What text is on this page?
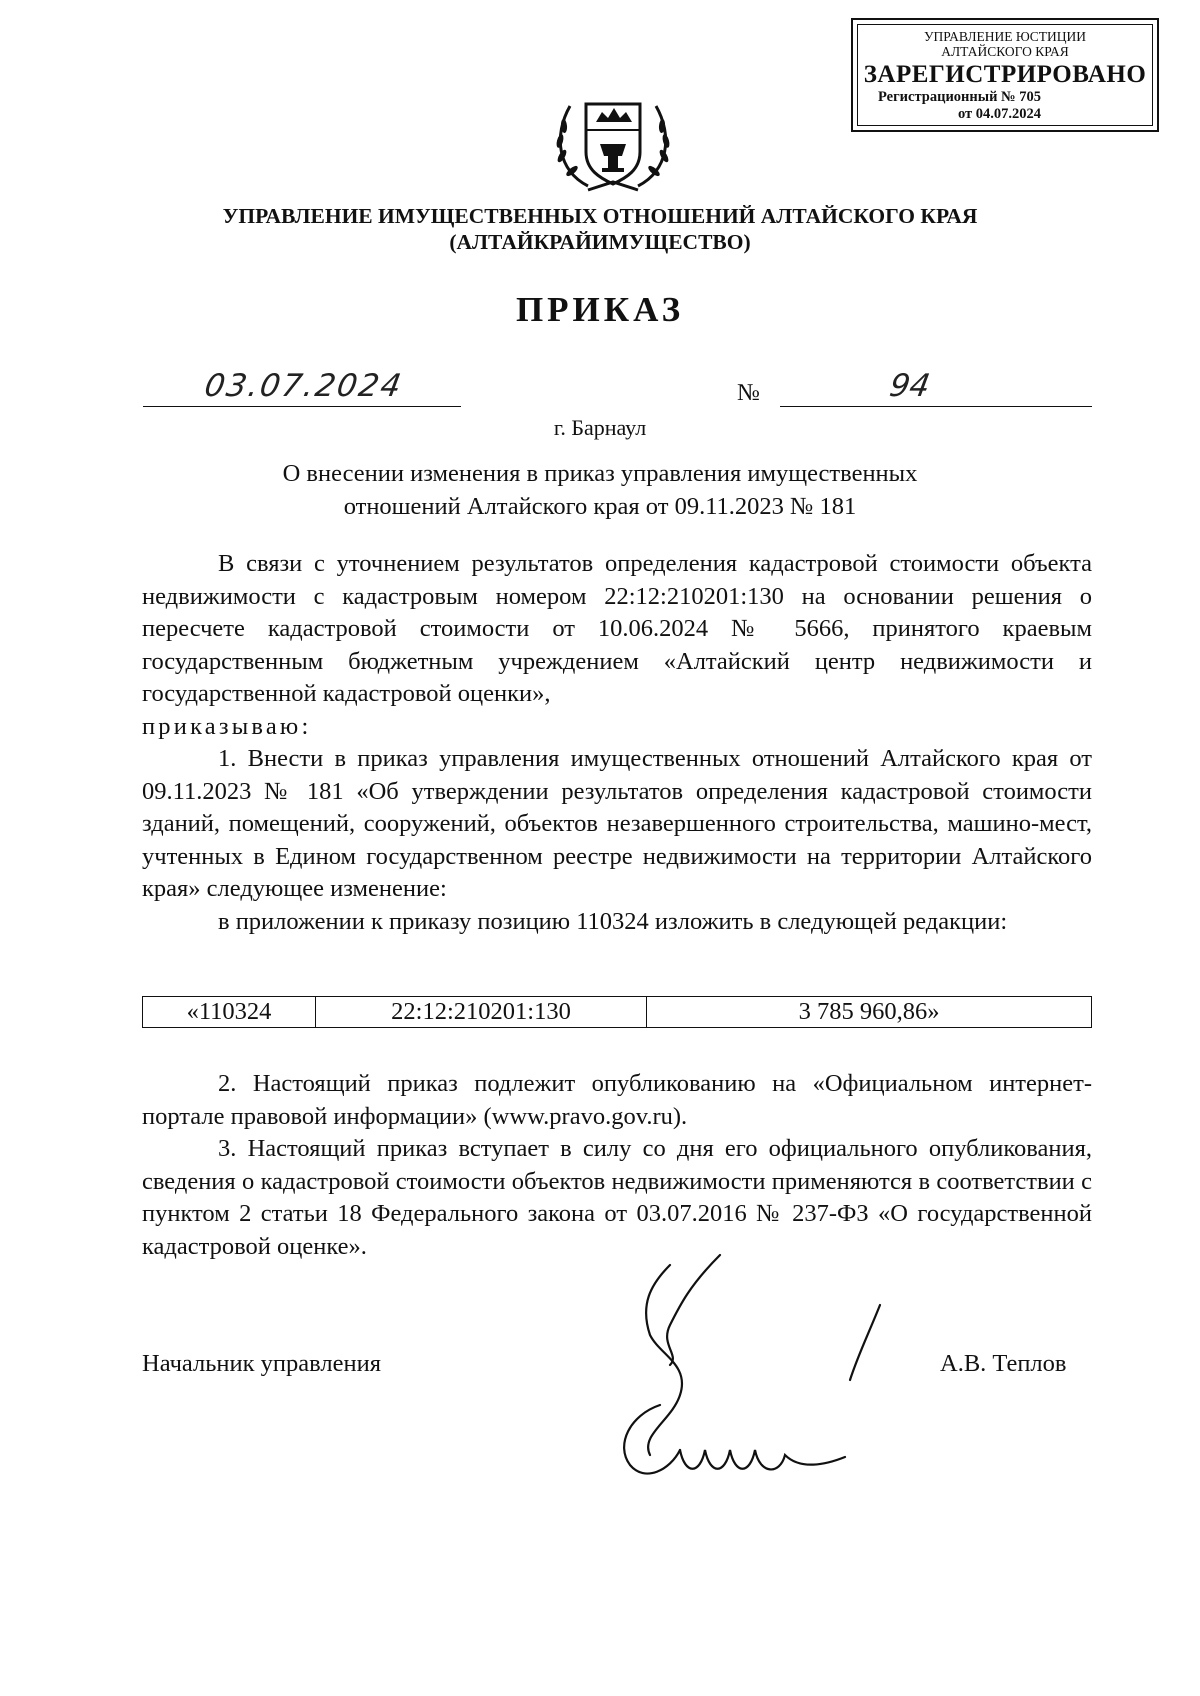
УПРАВЛЕНИЕ ЮСТИЦИИ
АЛТАЙСКОГО КРАЯ
ЗАРЕГИСТРИРОВАНО
Регистрационный № 705
от 04.07.2024
УПРАВЛЕНИЕ ИМУЩЕСТВЕННЫХ ОТНОШЕНИЙ АЛТАЙСКОГО КРАЯ
(АЛТАЙКРАЙИМУЩЕСТВО)
ПРИКАЗ
03.07.2024	№	94
г. Барнаул
О внесении изменения в приказ управления имущественных
отношений Алтайского края от 09.11.2023 № 181

В связи с уточнением результатов определения кадастровой стоимости объекта недвижимости с кадастровым номером 22:12:210201:130 на основании решения о пересчете кадастровой стоимости от 10.06.2024 № 5666, принятого краевым государственным бюджетным учреждением «Алтайский центр недвижимости и государственной кадастровой оценки»,

приказываю:

1. Внести в приказ управления имущественных отношений Алтайского края от 09.11.2023 № 181 «Об утверждении результатов определения кадастровой стоимости зданий, помещений, сооружений, объектов незавершенного строительства, машино-мест, учтенных в Едином государственном реестре недвижимости на территории Алтайского края» следующее изменение:

в приложении к приказу позицию 110324 изложить в следующей редакции:

«110324	22:12:210201:130	3 785 960,86»

2. Настоящий приказ подлежит опубликованию на «Официальном интернет-портале правовой информации» (www.pravo.gov.ru).

3. Настоящий приказ вступает в силу со дня его официального опубликования, сведения о кадастровой стоимости объектов недвижимости применяются в соответствии с пунктом 2 статьи 18 Федерального закона от 03.07.2016 № 237-ФЗ «О государственной кадастровой оценке».

Начальник управления	А.В. Теплов
